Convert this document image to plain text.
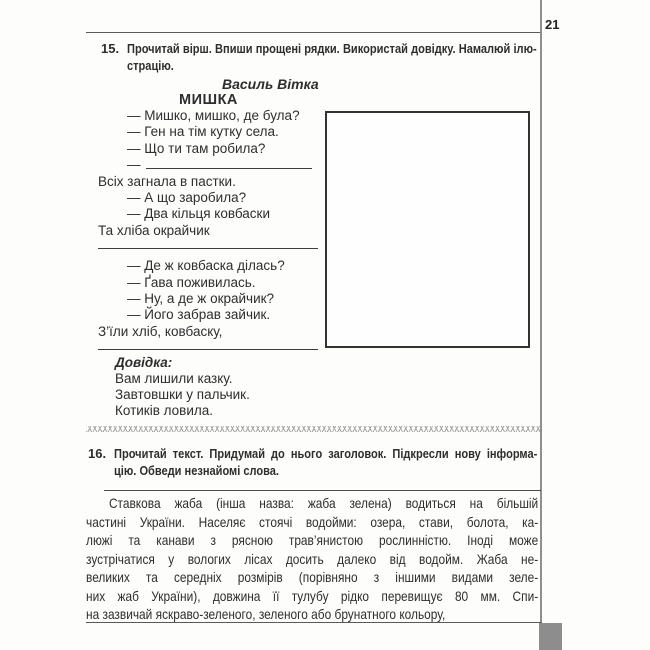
21
15. Прочитай вірш. Впиши прощені рядки. Використай довідку. Намалюй ілю-
страцію.
Василь Вітка
МИШКА
— Мишко, мишко, де була?
— Ген на тім кутку села.
— Що ти там робила?
—
Всіх загнала в пастки.
— А що заробила?
— Два кільця ковбаски
Та хліба окрайчик
— Де ж ковбаска ділась?
— Ґава поживилась.
— Ну, а де ж окрайчик?
— Його забрав зайчик.
З’їли хліб, ковбаску,
Довідка:
Вам лишили казку.
Завтовшки у пальчик.
Котиків ловила.
16. Прочитай текст. Придумай до нього заголовок. Підкресли нову інформа-
цію. Обведи незнайомі слова.
Ставкова жаба (інша назва: жаба зелена) водиться на більшій
частині України. Населяє стоячі водойми: озера, стави, болота, ка-
люжі та канави з рясною трав’янистою рослинністю. Іноді може
зустрічатися у вологих лісах досить далеко від водойм. Жаба не-
великих та середніх розмірів (порівняно з іншими видами зеле-
них жаб України), довжина її тулубу рідко перевищує 80 мм. Спи-
на зазвичай яскраво-зеленого, зеленого або брунатного кольору,
